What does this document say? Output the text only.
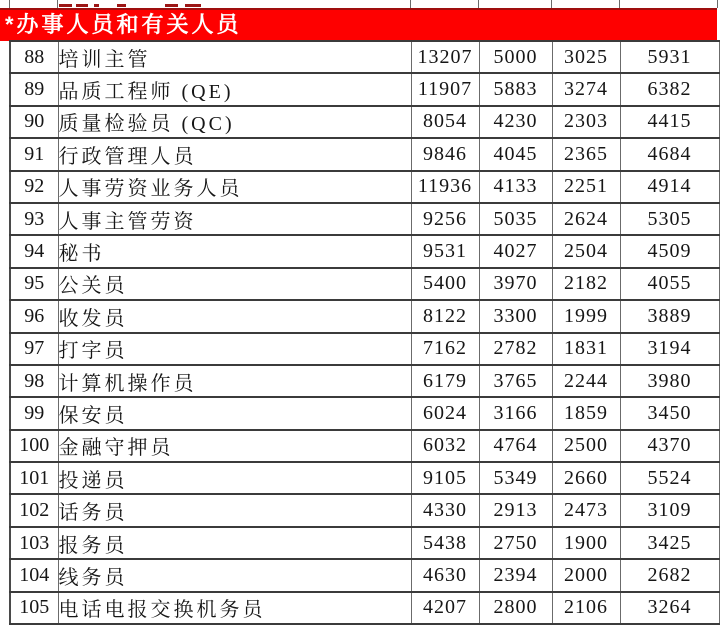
*办事人员和有关人员
88	培训主管	13207	5000	3025	5931
89	品质工程师 (QE)	11907	5883	3274	6382
90	质量检验员 (QC)	8054	4230	2303	4415
91	行政管理人员	9846	4045	2365	4684
92	人事劳资业务人员	11936	4133	2251	4914
93	人事主管劳资	9256	5035	2624	5305
94	秘书	9531	4027	2504	4509
95	公关员	5400	3970	2182	4055
96	收发员	8122	3300	1999	3889
97	打字员	7162	2782	1831	3194
98	计算机操作员	6179	3765	2244	3980
99	保安员	6024	3166	1859	3450
100	金融守押员	6032	4764	2500	4370
101	投递员	9105	5349	2660	5524
102	话务员	4330	2913	2473	3109
103	报务员	5438	2750	1900	3425
104	线务员	4630	2394	2000	2682
105	电话电报交换机务员	4207	2800	2106	3264
